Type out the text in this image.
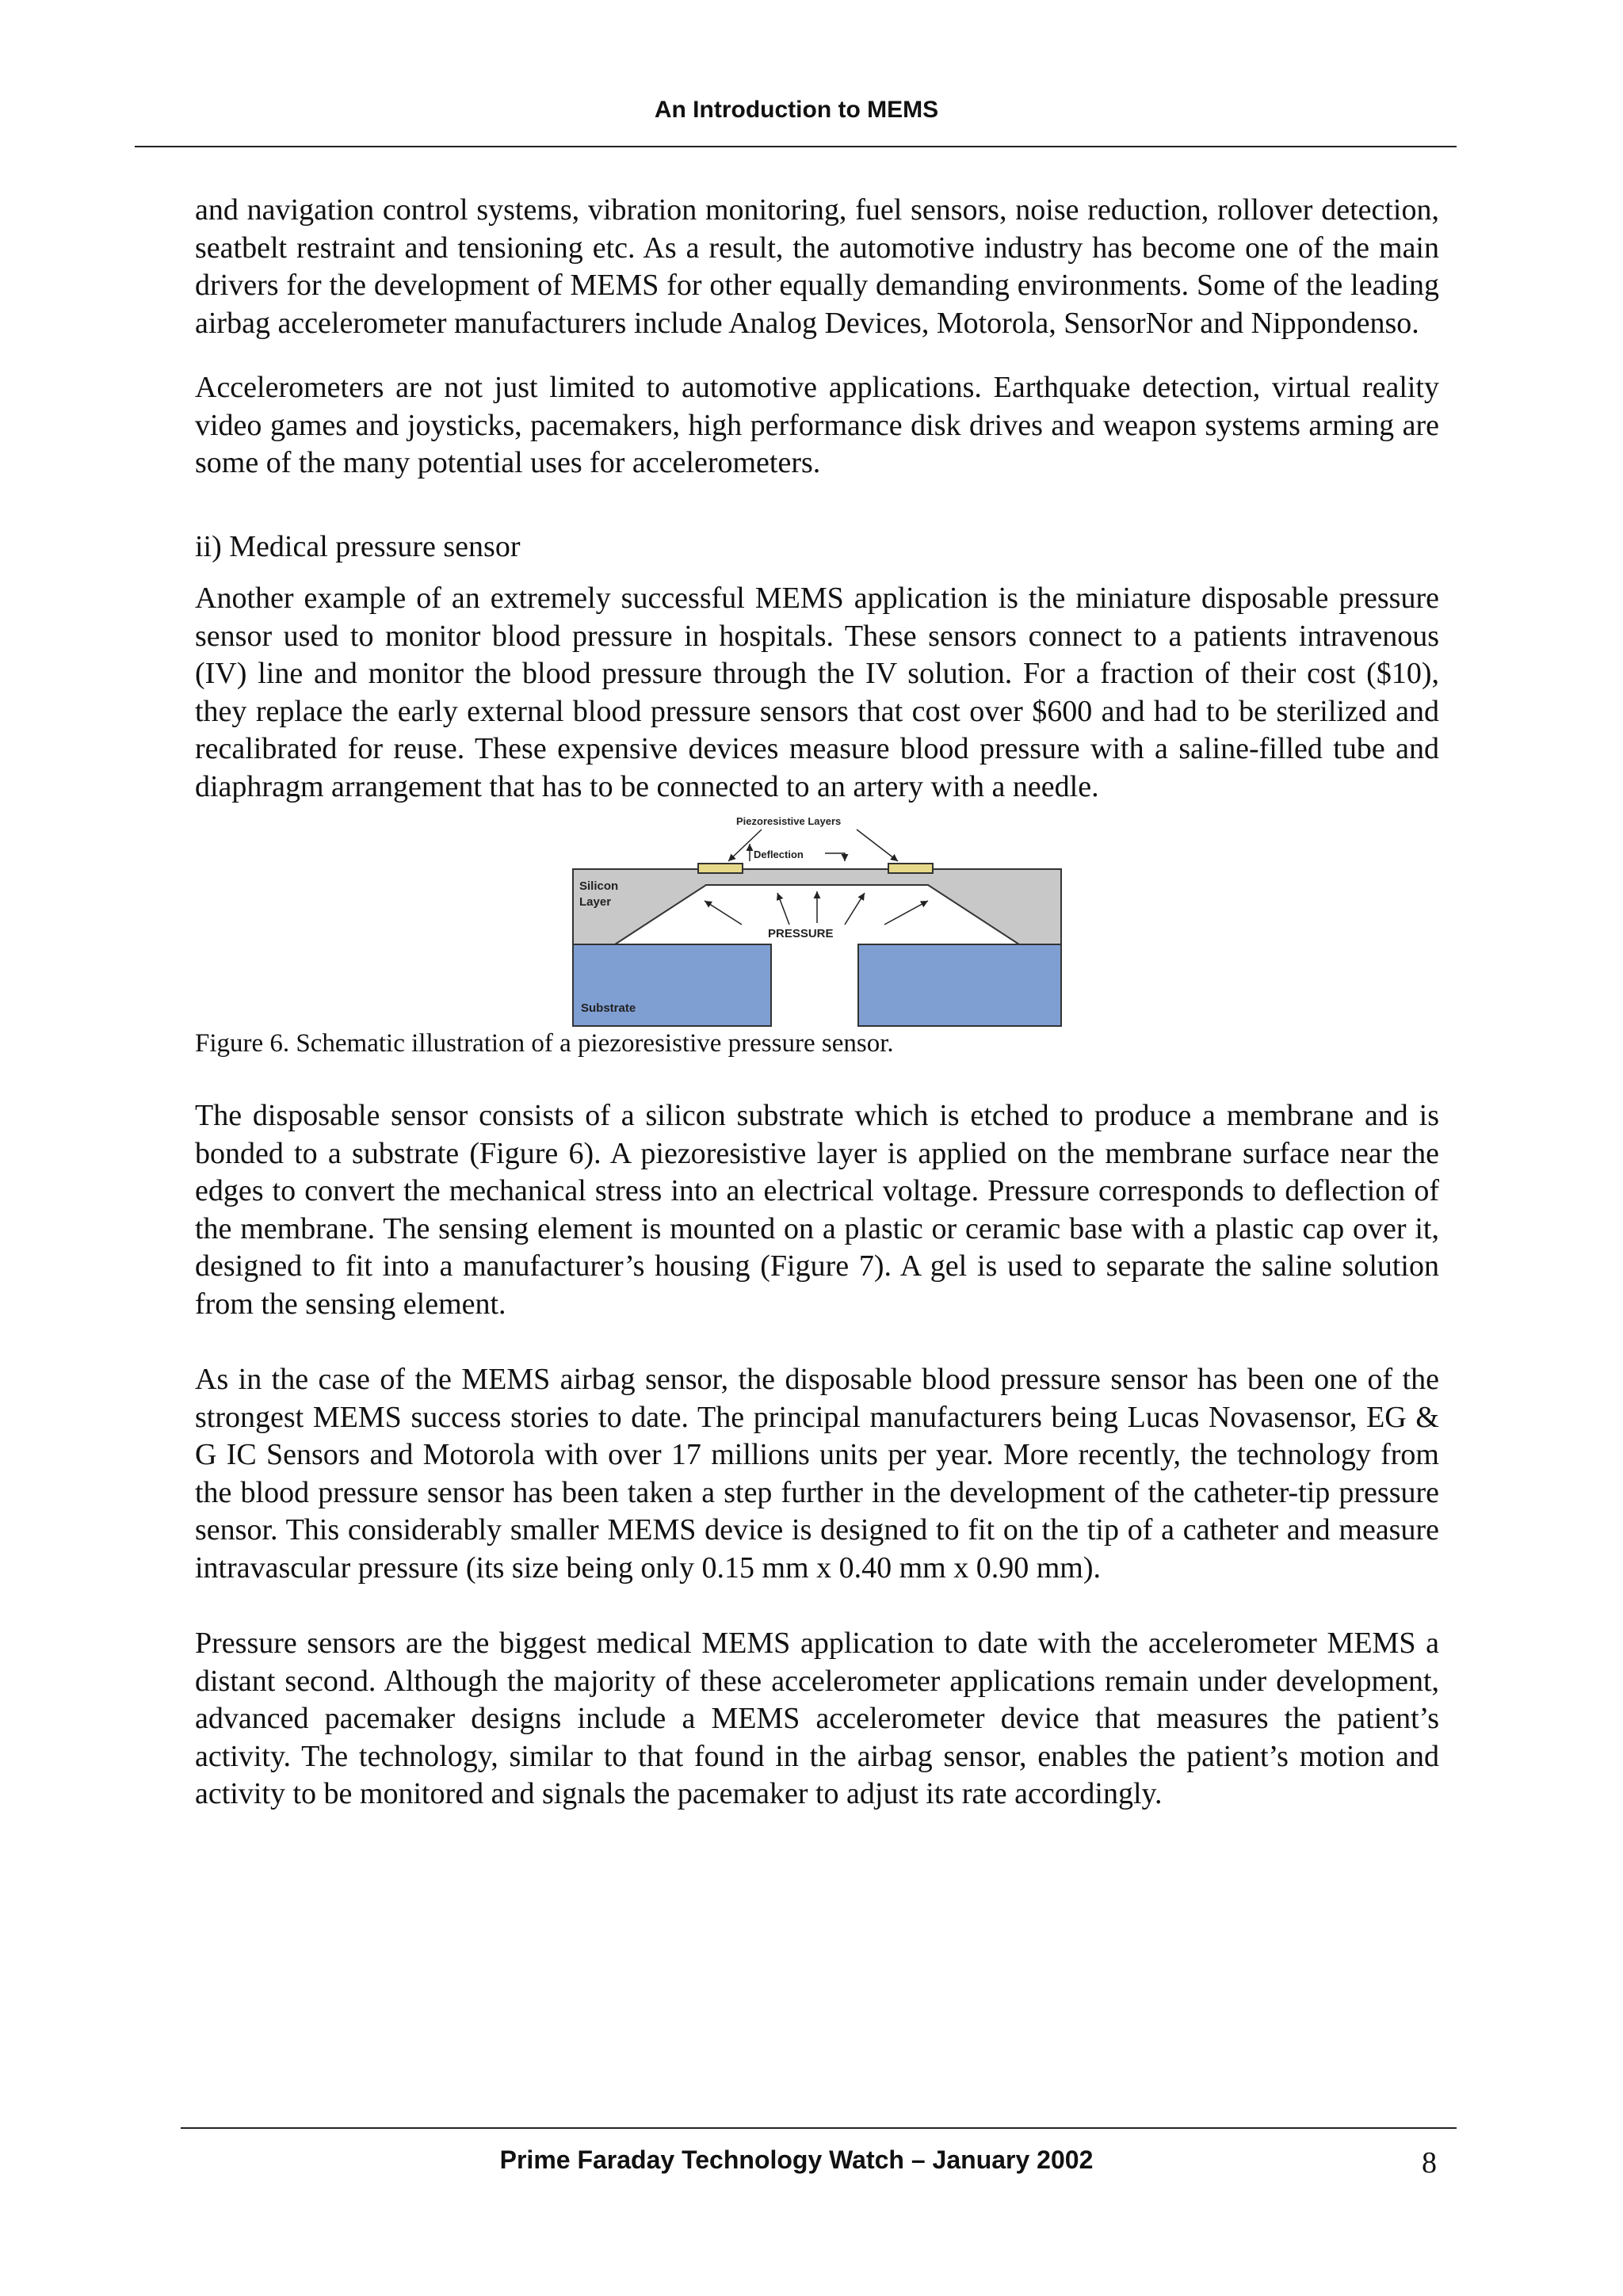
An Introduction to MEMS

and navigation control systems, vibration monitoring, fuel sensors, noise reduction, rollover detection, seatbelt restraint and tensioning etc. As a result, the automotive industry has become one of the main drivers for the development of MEMS for other equally demanding environments. Some of the leading airbag accelerometer manufacturers include Analog Devices, Motorola, SensorNor and Nippondenso.

Accelerometers are not just limited to automotive applications. Earthquake detection, virtual reality video games and joysticks, pacemakers, high performance disk drives and weapon systems arming are some of the many potential uses for accelerometers.

ii) Medical pressure sensor

Another example of an extremely successful MEMS application is the miniature disposable pressure sensor used to monitor blood pressure in hospitals. These sensors connect to a patients intravenous (IV) line and monitor the blood pressure through the IV solution. For a fraction of their cost ($10), they replace the early external blood pressure sensors that cost over $600 and had to be sterilized and recalibrated for reuse. These expensive devices measure blood pressure with a saline-filled tube and diaphragm arrangement that has to be connected to an artery with a needle.

Piezoresistive Layers
Deflection
Silicon
Layer
PRESSURE
Substrate

Figure 6. Schematic illustration of a piezoresistive pressure sensor.

The disposable sensor consists of a silicon substrate which is etched to produce a membrane and is bonded to a substrate (Figure 6). A piezoresistive layer is applied on the membrane surface near the edges to convert the mechanical stress into an electrical voltage. Pressure corresponds to deflection of the membrane. The sensing element is mounted on a plastic or ceramic base with a plastic cap over it, designed to fit into a manufacturer’s housing (Figure 7). A gel is used to separate the saline solution from the sensing element.

As in the case of the MEMS airbag sensor, the disposable blood pressure sensor has been one of the strongest MEMS success stories to date. The principal manufacturers being Lucas Novasensor, EG & G IC Sensors and Motorola with over 17 millions units per year. More recently, the technology from the blood pressure sensor has been taken a step further in the development of the catheter-tip pressure sensor. This considerably smaller MEMS device is designed to fit on the tip of a catheter and measure intravascular pressure (its size being only 0.15 mm x 0.40 mm x 0.90 mm).

Pressure sensors are the biggest medical MEMS application to date with the accelerometer MEMS a distant second. Although the majority of these accelerometer applications remain under development, advanced pacemaker designs include a MEMS accelerometer device that measures the patient’s activity. The technology, similar to that found in the airbag sensor, enables the patient’s motion and activity to be monitored and signals the pacemaker to adjust its rate accordingly.

Prime Faraday Technology Watch – January 2002	8
